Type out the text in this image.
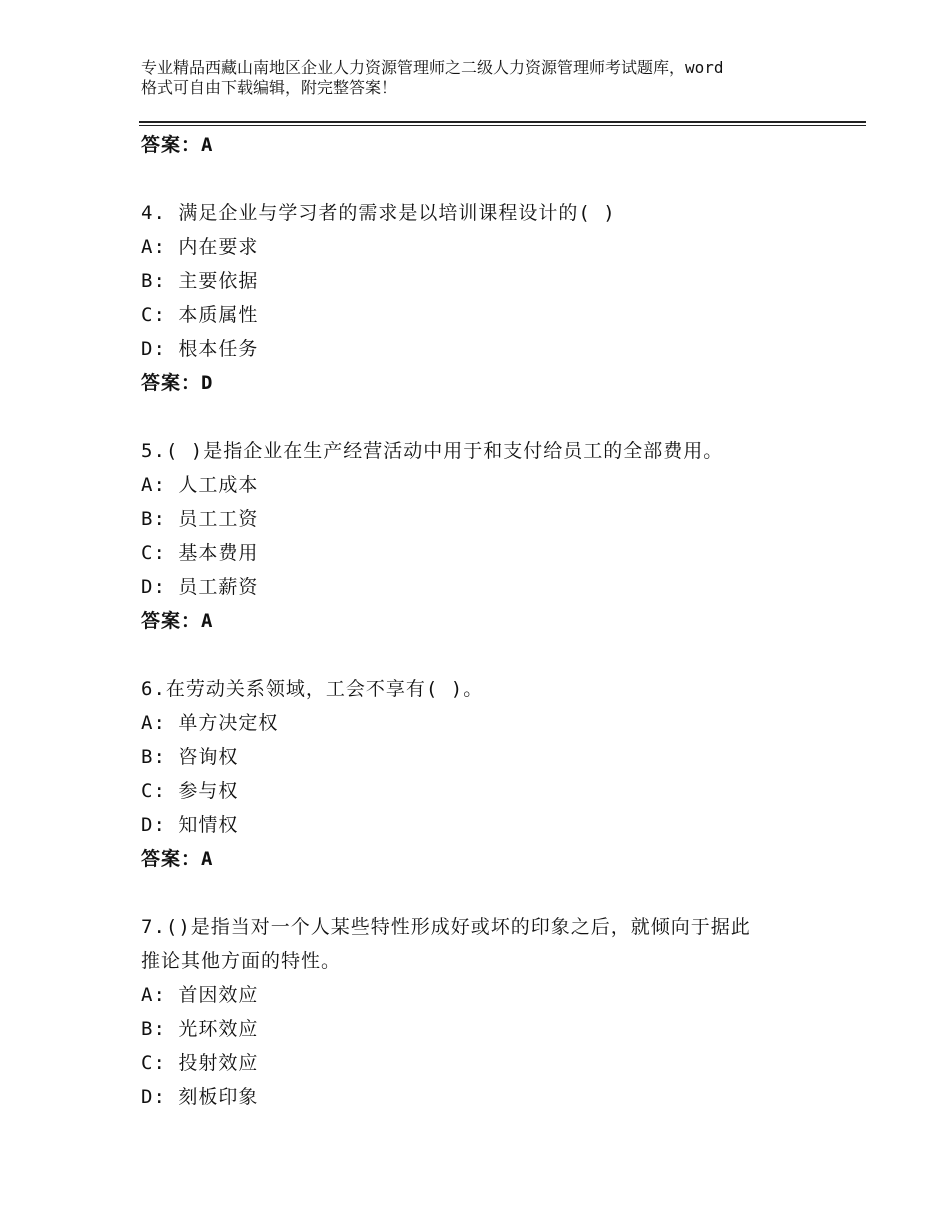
专业精品西藏山南地区企业人力资源管理师之二级人力资源管理师考试题库，word
格式可自由下载编辑，附完整答案！
答案：A
4. 满足企业与学习者的需求是以培训课程设计的( )
A: 内在要求
B: 主要依据
C: 本质属性
D: 根本任务
答案：D
5.( )是指企业在生产经营活动中用于和支付给员工的全部费用。
A: 人工成本
B: 员工工资
C: 基本费用
D: 员工薪资
答案：A
6.在劳动关系领域，工会不享有( )。
A: 单方决定权
B: 咨询权
C: 参与权
D: 知情权
答案：A
7.()是指当对一个人某些特性形成好或坏的印象之后，就倾向于据此
推论其他方面的特性。
A: 首因效应
B: 光环效应
C: 投射效应
D: 刻板印象
